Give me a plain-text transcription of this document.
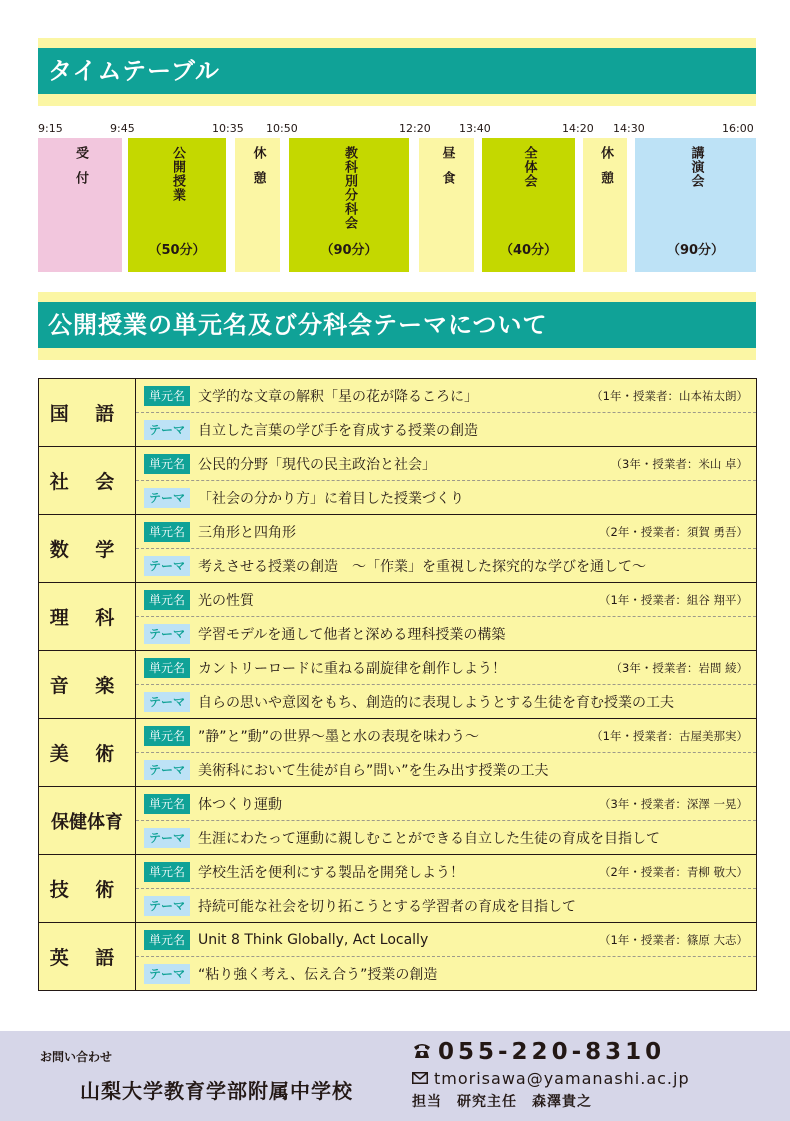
タイムテーブル
9:15	9:45	10:35 10:50	12:20	13:40	14:20 14:30	16:00
受付	公開授業
（50分）
休憩	教科別分科会
（90分）
昼食	全体会
（40分）
休憩	講演会
（90分）
公開授業の単元名及び分科会テーマについて
国 語	単元名 文学的な文章の解釈「星の花が降るころに」 （1年・授業者：山本祐太朗）
テーマ 自立した言葉の学び手を育成する授業の創造

社 会	単元名 公民的分野「現代の民主政治と社会」 （3年・授業者：米山 卓）
テーマ 「社会の分かり方」に着目した授業づくり

数 学	単元名 三角形と四角形 （2年・授業者：須賀 勇吾）
テーマ 考えさせる授業の創造　～「作業」を重視した探究的な学びを通して～

理 科	単元名 光の性質 （1年・授業者：組谷 翔平）
テーマ 学習モデルを通して他者と深める理科授業の構築

音 楽	単元名 カントリーロードに重ねる副旋律を創作しよう！ （3年・授業者：岩間 綾）
テーマ 自らの思いや意図をもち、創造的に表現しようとする生徒を育む授業の工夫

美 術	単元名 ”静”と”動”の世界～墨と水の表現を味わう～ （1年・授業者：古屋美那実）
テーマ 美術科において生徒が自ら”問い”を生み出す授業の工夫

保健体育	単元名 体つくり運動 （3年・授業者：深澤 一晃）
テーマ 生涯にわたって運動に親しむことができる自立した生徒の育成を目指して

技 術	単元名 学校生活を便利にする製品を開発しよう！ （2年・授業者：青柳 敬大）
テーマ 持続可能な社会を切り拓こうとする学習者の育成を目指して

英 語	単元名 Unit 8 Think Globally, Act Locally （1年・授業者：篠原 大志）
テーマ “粘り強く考え、伝え合う”授業の創造
お問い合わせ
山梨大学教育学部附属中学校
055-220-8310
tmorisawa@yamanashi.ac.jp
担当　研究主任　森澤貴之
